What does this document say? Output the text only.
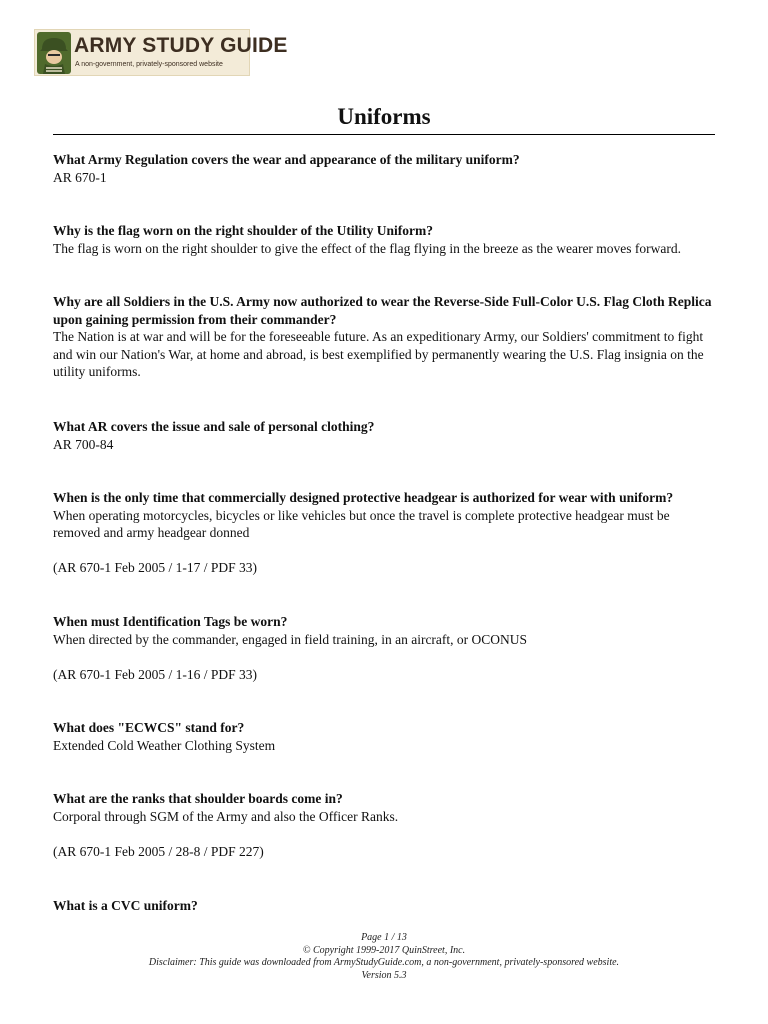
ARMY STUDY GUIDE
A non-government, privately-sponsored website
Uniforms

What Army Regulation covers the wear and appearance of the military uniform?

AR 670-1

Why is the flag worn on the right shoulder of the Utility Uniform?

The flag is worn on the right shoulder to give the effect of the flag flying in the breeze as the wearer moves forward.

Why are all Soldiers in the U.S. Army now authorized to wear the Reverse-Side Full-Color U.S. Flag Cloth Replica upon gaining permission from their commander?

The Nation is at war and will be for the foreseeable future. As an expeditionary Army, our Soldiers' commitment to fight and win our Nation's War, at home and abroad, is best exemplified by permanently wearing the U.S. Flag insignia on the utility uniforms.

What AR covers the issue and sale of personal clothing?

AR 700-84

When is the only time that commercially designed protective headgear is authorized for wear with uniform?

When operating motorcycles, bicycles or like vehicles but once the travel is complete protective headgear must be removed and army headgear donned

(AR 670-1 Feb 2005 / 1-17 / PDF 33)

When must Identification Tags be worn?

When directed by the commander, engaged in field training, in an aircraft, or OCONUS

(AR 670-1 Feb 2005 / 1-16 / PDF 33)

What does "ECWCS" stand for?

Extended Cold Weather Clothing System

What are the ranks that shoulder boards come in?

Corporal through SGM of the Army and also the Officer Ranks.

(AR 670-1 Feb 2005 / 28-8 / PDF 227)

What is a CVC uniform?

Page 1 / 13
© Copyright 1999-2017 QuinStreet, Inc.
Disclaimer: This guide was downloaded from ArmyStudyGuide.com, a non-government, privately-sponsored website.
Version 5.3
